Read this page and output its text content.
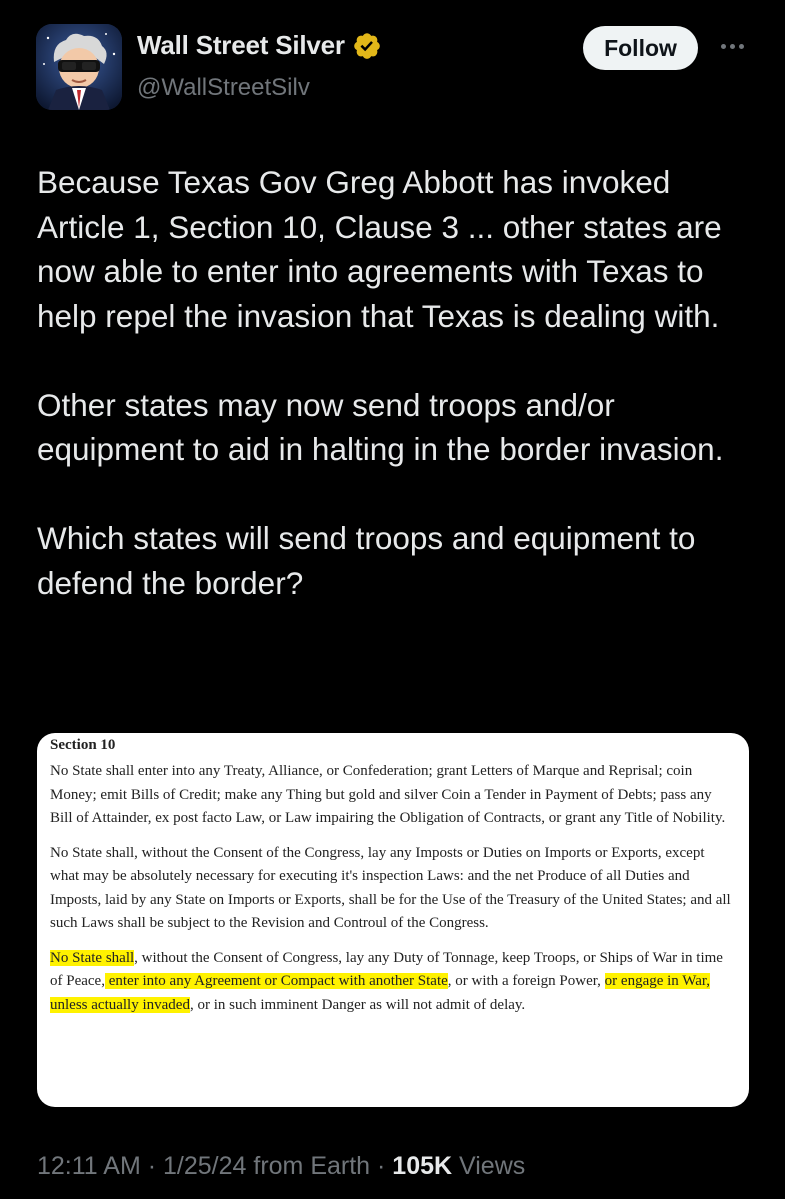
Wall Street Silver
@WallStreetSilv
Follow

Because Texas Gov Greg Abbott has invoked Article 1, Section 10, Clause 3 ... other states are now able to enter into agreements with Texas to help repel the invasion that Texas is dealing with.

Other states may now send troops and/or equipment to aid in halting in the border invasion.

Which states will send troops and equipment to defend the border?

Section 10

No State shall enter into any Treaty, Alliance, or Confederation; grant Letters of Marque and Reprisal; coin Money; emit Bills of Credit; make any Thing but gold and silver Coin a Tender in Payment of Debts; pass any Bill of Attainder, ex post facto Law, or Law impairing the Obligation of Contracts, or grant any Title of Nobility.

No State shall, without the Consent of the Congress, lay any Imposts or Duties on Imports or Exports, except what may be absolutely necessary for executing it's inspection Laws: and the net Produce of all Duties and Imposts, laid by any State on Imports or Exports, shall be for the Use of the Treasury of the United States; and all such Laws shall be subject to the Revision and Controul of the Congress.

No State shall, without the Consent of Congress, lay any Duty of Tonnage, keep Troops, or Ships of War in time of Peace, enter into any Agreement or Compact with another State, or with a foreign Power, or engage in War, unless actually invaded, or in such imminent Danger as will not admit of delay.

12:11 AM · 1/25/24 from Earth · 105K Views
